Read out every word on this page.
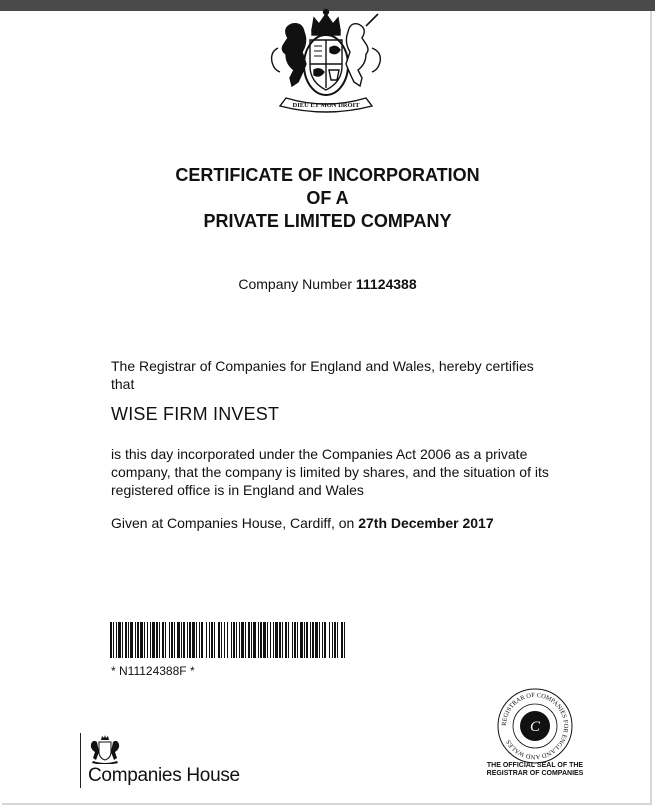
DIEU ET MON DROIT
CERTIFICATE OF INCORPORATION
OF A
PRIVATE LIMITED COMPANY
Company Number 11124388
The Registrar of Companies for England and Wales, hereby certifies
that
WISE FIRM INVEST
is this day incorporated under the Companies Act 2006 as a private
company, that the company is limited by shares, and the situation of its
registered office is in England and Wales
Given at Companies House, Cardiff, on 27th December 2017
* N11124388F *
Companies House
REGISTRAR OF COMPANIES FOR ENGLAND AND WALES
C
THE OFFICIAL SEAL OF THE
REGISTRAR OF COMPANIES
